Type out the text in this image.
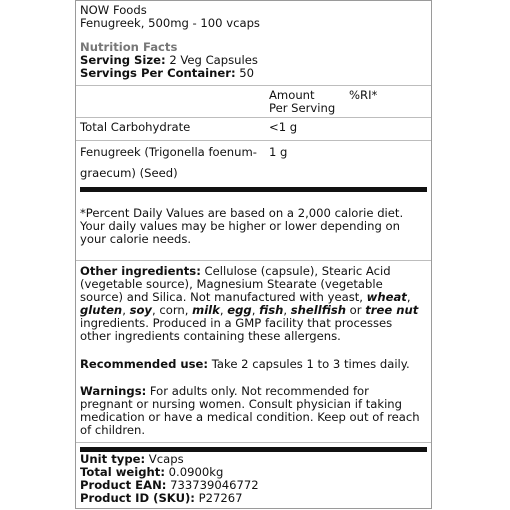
NOW Foods
Fenugreek, 500mg - 100 vcaps
Nutrition Facts
Serving Size: 2 Veg Capsules
Servings Per Container: 50
Amount
Per Serving
%RI*
Total Carbohydrate	<1 g
Fenugreek (Trigonella foenum-
graecum) (Seed)
1 g
*Percent Daily Values are based on a 2,000 calorie diet.
Your daily values may be higher or lower depending on
your calorie needs.
Other ingredients: Cellulose (capsule), Stearic Acid
(vegetable source), Magnesium Stearate (vegetable
source) and Silica. Not manufactured with yeast, wheat,
gluten, soy, corn, milk, egg, fish, shellfish or tree nut
ingredients. Produced in a GMP facility that processes
other ingredients containing these allergens.
Recommended use: Take 2 capsules 1 to 3 times daily.
Warnings: For adults only. Not recommended for
pregnant or nursing women. Consult physician if taking
medication or have a medical condition. Keep out of reach
of children.
Unit type: Vcaps
Total weight: 0.0900kg
Product EAN: 733739046772
Product ID (SKU): P27267
